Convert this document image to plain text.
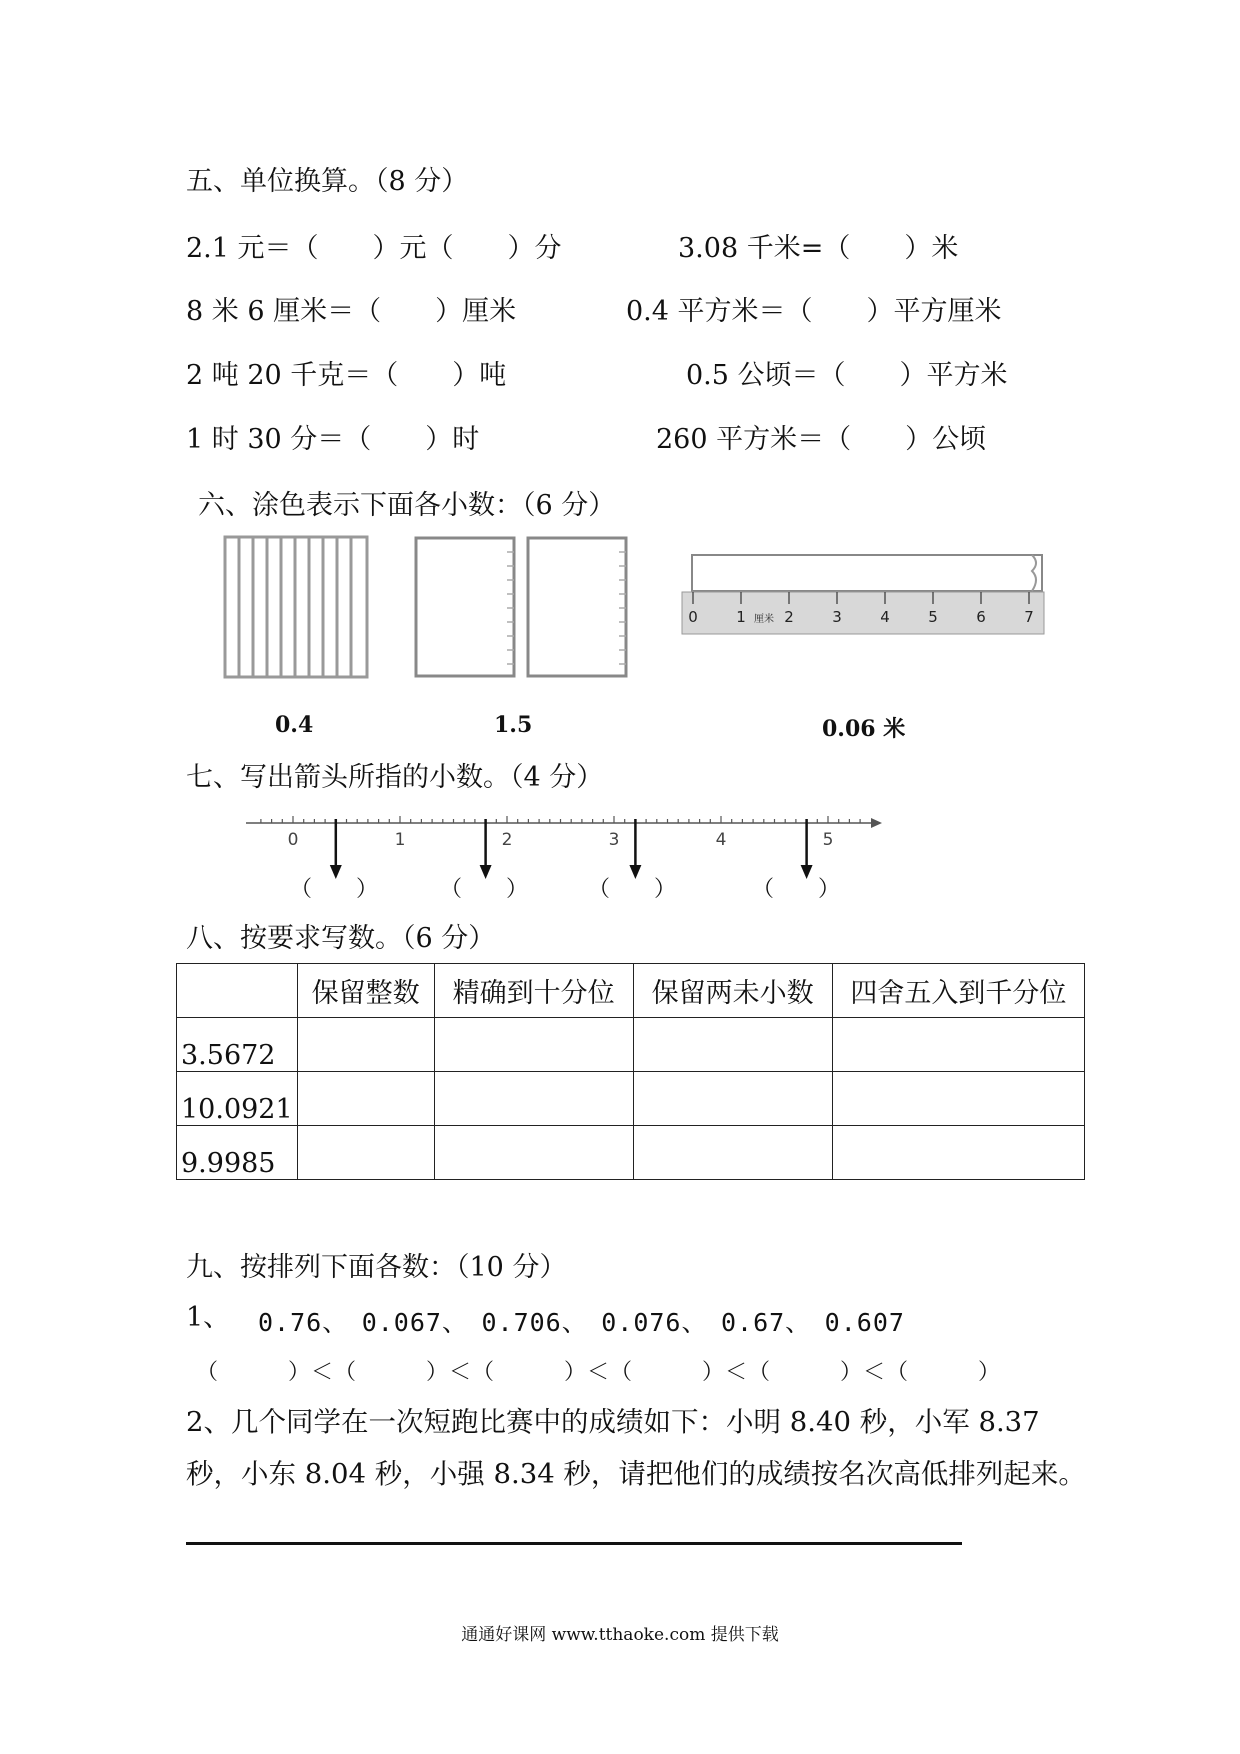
五、单位换算。（8 分）
2.1 元＝（　　）元（　　）分	3.08 千米=（　　）米
8 米 6 厘米＝（　　）厘米	0.4 平方米＝（　　）平方厘米
2 吨 20 千克＝（　　）吨	0.5 公顷＝（　　）平方米
1 时 30 分＝（　　）时	260 平方米＝（　　）公顷
六、涂色表示下面各小数：（6 分）
0	1	2	3	4	5	6	7
厘米
0.4	1.5	0.06 米
七、写出箭头所指的小数。（4 分）
0	1	2	3	4	5
（　　）	（　　）	（　　）	（　　）
八、按要求写数。（6 分）
	保留整数	精确到十分位	保留两未小数	四舍五入到千分位
3.5672				
10.0921				
9.9985				
九、按排列下面各数：（10 分）
1、 0.76、　0.067、　0.706、　0.076、　0.67、　0.607
（　　　）＜（　　　）＜（　　　）＜（　　　）＜（　　　）＜（　　　）
2、几个同学在一次短跑比赛中的成绩如下：小明 8.40 秒，小军 8.37
秒，小东 8.04 秒，小强 8.34 秒，请把他们的成绩按名次高低排列起来。
通通好课网 www.tthaoke.com 提供下载
